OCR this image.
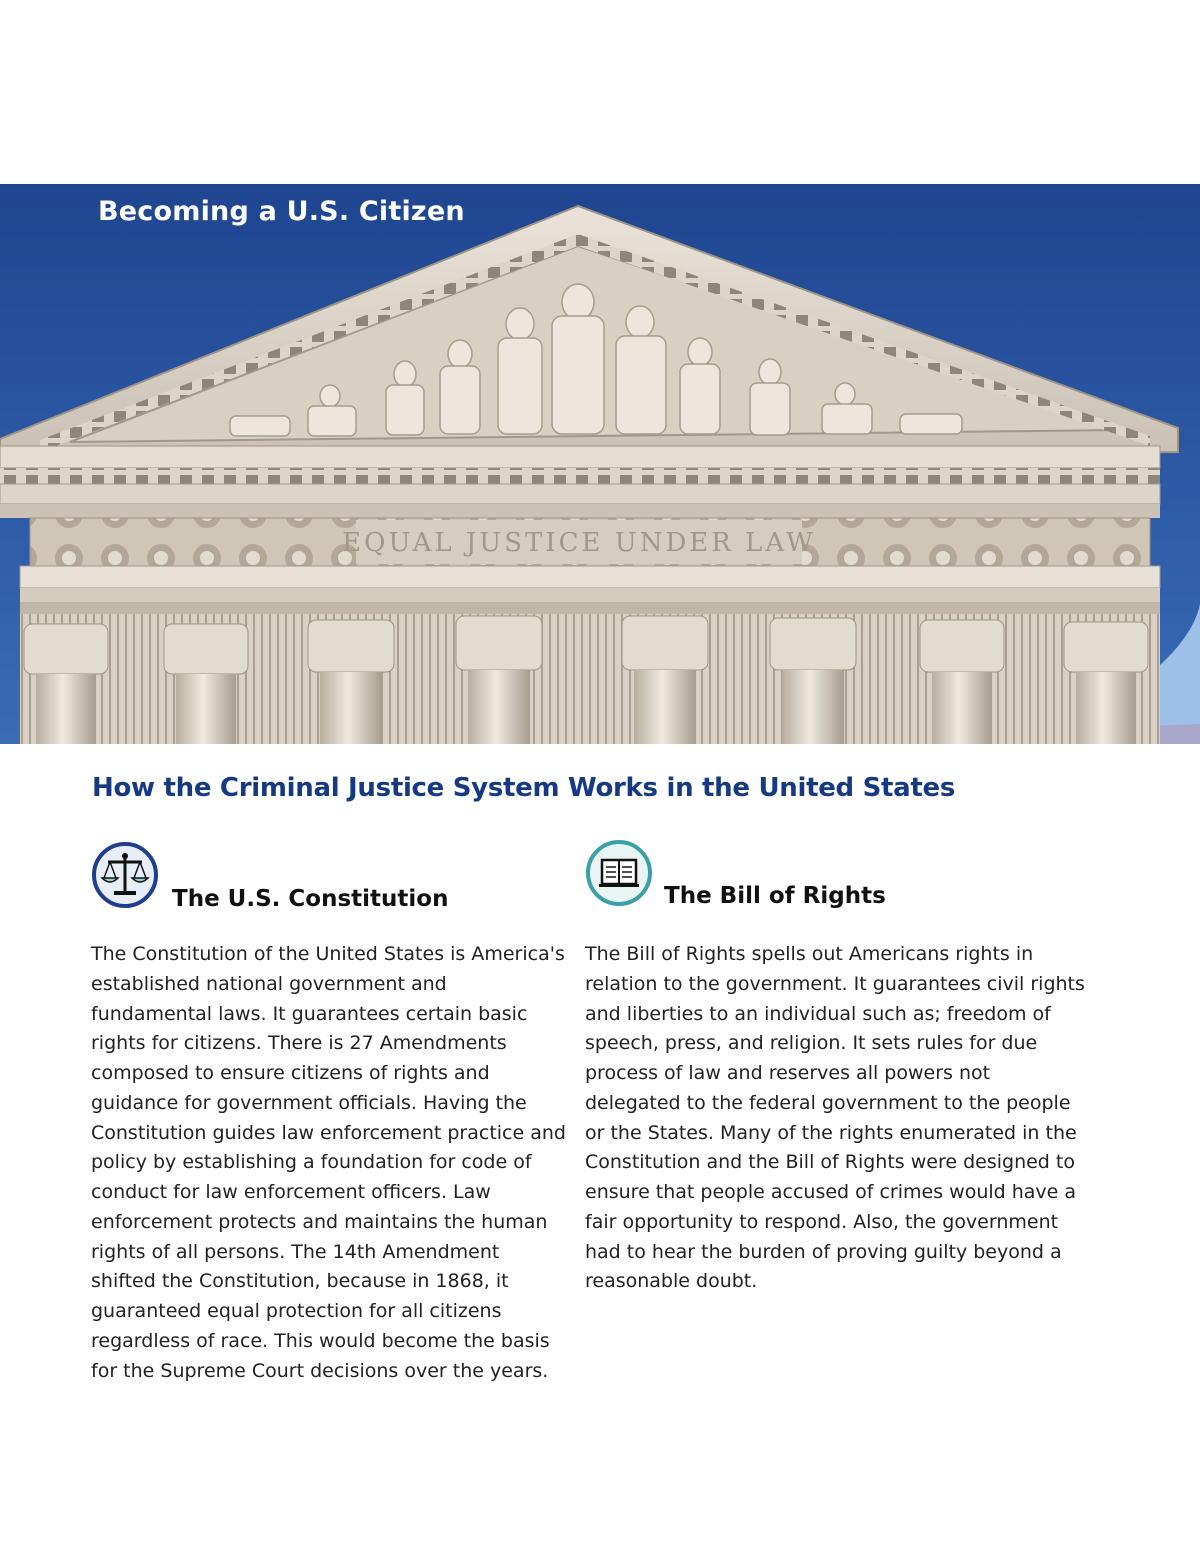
EQUAL JUSTICE UNDER LAW
Becoming a U.S. Citizen
How the Criminal Justice System Works in the United States
The U.S. Constitution

The Constitution of the United States is America's established national government and fundamental laws. It guarantees certain basic rights for citizens. There is 27 Amendments composed to ensure citizens of rights and guidance for government officials. Having the Constitution guides law enforcement practice and policy by establishing a foundation for code of conduct for law enforcement officers. Law enforcement protects and maintains the human rights of all persons. The 14th Amendment shifted the Constitution, because in 1868, it guaranteed equal protection for all citizens regardless of race. This would become the basis for the Supreme Court decisions over the years.

The Bill of Rights

The Bill of Rights spells out Americans rights in relation to the government. It guarantees civil rights and liberties to an individual such as; freedom of speech, press, and religion. It sets rules for due process of law and reserves all powers not delegated to the federal government to the people or the States. Many of the rights enumerated in the Constitution and the Bill of Rights were designed to ensure that people accused of crimes would have a fair opportunity to respond. Also, the government had to hear the burden of proving guilty beyond a reasonable doubt.
